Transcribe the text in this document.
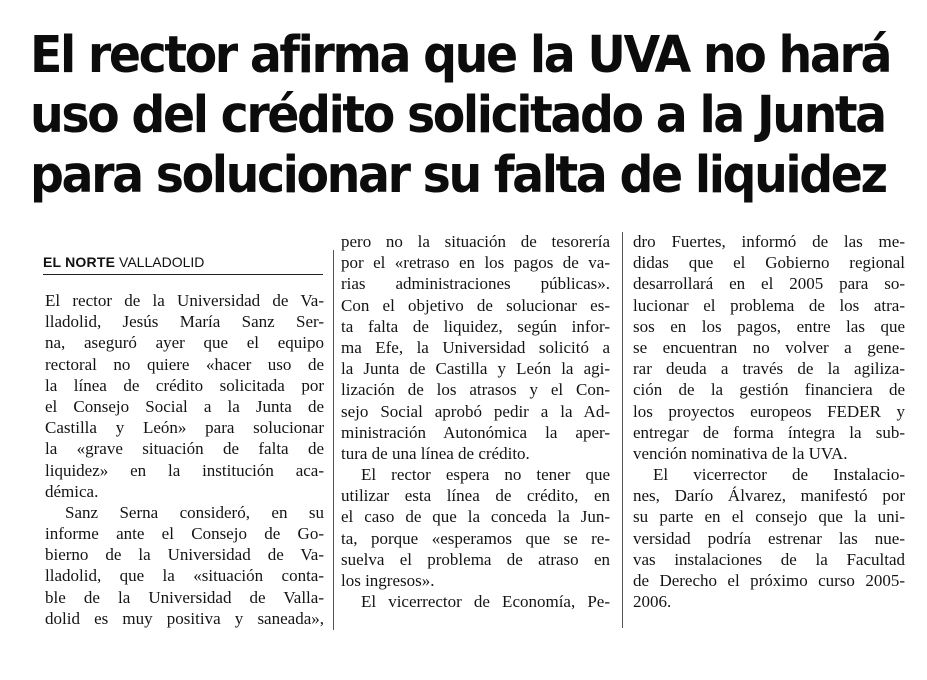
El rector afirma que la UVA no hará
uso del crédito solicitado a la Junta
para solucionar su falta de liquidez
EL NORTE VALLADOLID
El rector de la Universidad de Va-
lladolid, Jesús María Sanz Ser-
na, aseguró ayer que el equipo
rectoral no quiere «hacer uso de
la línea de crédito solicitada por
el Consejo Social a la Junta de
Castilla y León» para solucionar
la «grave situación de falta de
liquidez» en la institución aca-
démica.
Sanz Serna consideró, en su
informe ante el Consejo de Go-
bierno de la Universidad de Va-
lladolid, que la «situación conta-
ble de la Universidad de Valla-
dolid es muy positiva y saneada»,
pero no la situación de tesorería
por el «retraso en los pagos de va-
rias administraciones públicas».
Con el objetivo de solucionar es-
ta falta de liquidez, según infor-
ma Efe, la Universidad solicitó a
la Junta de Castilla y León la agi-
lización de los atrasos y el Con-
sejo Social aprobó pedir a la Ad-
ministración Autonómica la aper-
tura de una línea de crédito.
El rector espera no tener que
utilizar esta línea de crédito, en
el caso de que la conceda la Jun-
ta, porque «esperamos que se re-
suelva el problema de atraso en
los ingresos».
El vicerrector de Economía, Pe-
dro Fuertes, informó de las me-
didas que el Gobierno regional
desarrollará en el 2005 para so-
lucionar el problema de los atra-
sos en los pagos, entre las que
se encuentran no volver a gene-
rar deuda a través de la agiliza-
ción de la gestión financiera de
los proyectos europeos FEDER y
entregar de forma íntegra la sub-
vención nominativa de la UVA.
El vicerrector de Instalacio-
nes, Darío Álvarez, manifestó por
su parte en el consejo que la uni-
versidad podría estrenar las nue-
vas instalaciones de la Facultad
de Derecho el próximo curso 2005-
2006.
